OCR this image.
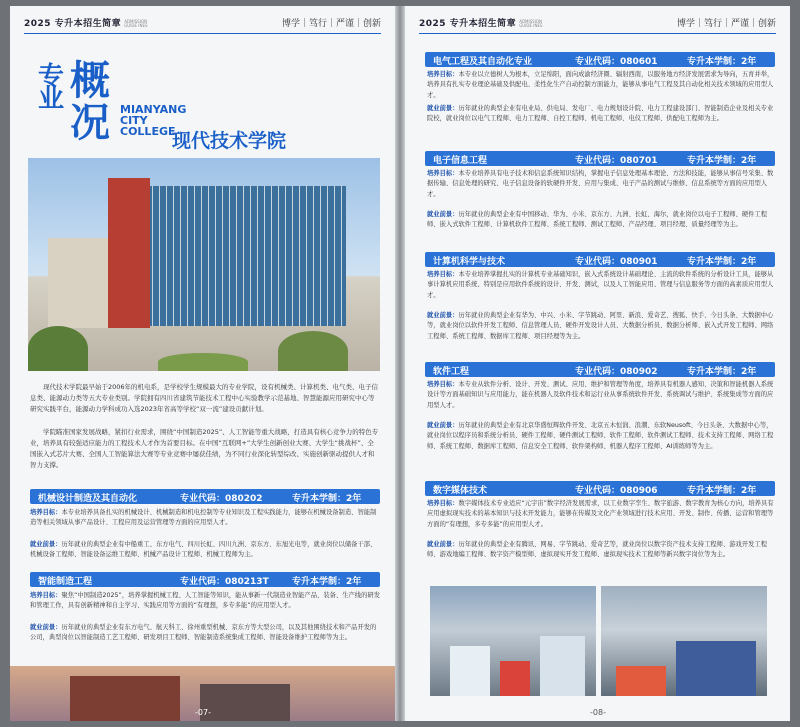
2025 专升本招生简章 ADMISSION GUIDE INES	博学｜笃行｜严谨｜创新
专业 概况 MIANYANG
CITY
COLLEGE
现代技术学院

现代技术学院最早始于2006年的机电系，是学校学生规模最大的专业学院，设有机械类、计算机类、电气类、电子信息类、能源动力类等五大专业类别。学院拥有四川省建筑节能技术工程中心实验教学示范基地、智慧能源应用研究中心等研究实践平台，能源动力学科成功入选2023年省高等学校“双一流”建设贡献计划。

学院瞄准国家发展战略，紧扣行业需求，围绕“中国制造2025”、人工智能等重大战略，打造具有核心竞争力的特色专业，培养具有较强适应能力的工程技术人才作为首要目标。在中国“互联网+”大学生创新创业大赛、大学生“挑战杯”、全国嵌入式芯片大赛、全国人工智能算法大赛等专业竞赛中屡获佳绩，为不同行业深化转型综改、实施创新驱动提供人才和智力支撑。

机械设计制造及其自动化	专业代码：080202	专升本学制：2年

培养目标：本专业培养具备扎实的机械设计、机械制造和机电控制等专业知识及工程实践能力，能够在机械设备制造、智能制造等相关领域从事产品设计、工程应用及运营管理等方面的应用型人才。

就业前景：历年就业的典型企业有中船重工、东方电气、四川长虹、四川九洲、京东方、东旭光电等，就业岗位以储备干部、机械设备工程师、智能设备运维工程师、机械产品设计工程师、机械工程师为主。

智能制造工程	专业代码：080213T	专升本学制：2年

培养目标：聚焦“中国制造2025”，培养掌握机械工程、人工智能等知识，能从事新一代制造业智能产品、装备、生产线的研发和管理工作，具有创新精神和自主学习、实践应用等方面的“有理想，多专多能”的应用型人才。

就业前景：历年就业的典型企业有东方电气、航天科工、徐州重型机械、京东方等大型公司，以及其他围绕技术和产品开发的公司，典型岗位以智能制造工艺工程师、研发项目工程师、智能制造系统集成工程师、智能设备维护工程师等为主。

-07-
2025 专升本招生简章 ADMISSION GUIDE INES	博学｜笃行｜严谨｜创新
电气工程及其自动化专业	专业代码：080601	专升本学制：2年

培养目标：本专业以立德树人为根本，立足绵阳，面向成渝经济圈、辐射西南，以服务地方经济发展需求为导向，五育并举，培养具有扎实专业理论基础及供配电、柔性化生产自动控制方面能力，能够从事电气工程及其自动化相关技术领域的应用型人才。

就业前景：历年就业的典型企业有电业局、供电局、发电厂、电力规划设计院、电力工程建设部门、智能制造企业及相关专业院校，就业岗位以电气工程师、电力工程师、自控工程师、机电工程师、电仪工程师、供配电工程师为主。

电子信息工程	专业代码：080701	专升本学制：2年

培养目标：本专业培养具有电子技术和信息系统知识结构，掌握电子信息处理基本理论、方法和技能，能够从事信号采集、数据传输、信息处理的研究、电子信息设备的软硬件开发、应用与集成、电子产品的测试与维修、信息系统等方面的应用型人才。

就业前景：历年就业的典型企业有中国移动、华为、小米、京东方、九洲、长虹、海尔，就业岗位以电子工程师、硬件工程师、嵌入式软件工程师、计算机软件工程师、系统工程师、测试工程师、产品经理、项目经理、质量经理等为主。

计算机科学与技术	专业代码：080901	专升本学制：2年

培养目标：本专业培养掌握扎实的计算机专业基础知识，嵌入式系统设计基础理论、主流的软件系统的分析设计工具，能够从事计算机应用系统、特别是应用软件系统的设计、开发、测试，以及人工智能应用、管理与信息服务等方面的高素质应用型人才。

就业前景：历年就业的典型企业有华为、中兴、小米、字节跳动、阿里、新浪、爱奇艺、搜狐、快手、今日头条、大数据中心等，就业岗位以软件开发工程师、信息管理人员、硬件开发设计人员、大数据分析员、数据分析师、嵌入式开发工程师、网络工程师、系统工程师、数据库工程师、项目经理等为主。

软件工程	专业代码：080902	专升本学制：2年

培养目标：本专业从软件分析、设计、开发、测试、应用、维护和管理等角度，培养具有机器人感知、决策和智能机器人系统设计等方面基础知识与应用能力，能在机器人及软件技术和运行业从事系统软件开发、系统调试与维护、系统集成等方面的应用型人才。

就业前景：历年就业的典型企业有北京华盛恒辉软件开发、北京五木恒润、浪潮、东软Neusoft、今日头条、大数据中心等，就业岗位以程序员和系统分析员、硬件工程师、硬件测试工程师、软件工程师、软件测试工程师、技术支持工程师、网络工程师、系统工程师、数据库工程师、信息安全工程师、软件架构师、机器人程序工程师、AI训练师等为主。

数字媒体技术	专业代码：080906	专升本学制：2年

培养目标：数字媒体技术专业适应“元宇宙”数字经济发展需求，以工业数字孪生、数字旅游、数字教育为核心方向，培养具有应用虚拟现实技术的基本知识与技术开发能力，能够在传媒及文化产业领域进行技术应用、开发、制作、传播、运营和管理等方面的“有理想，多专多能”的应用型人才。

就业前景：历年就业的典型企业有腾讯、网易、字节跳动、爱奇艺等，就业岗位以数字资产技术支持工程师、游戏开发工程师、游戏地编工程师、数字资产模型师、虚拟现实开发工程师、虚拟现实技术工程师等新兴数字岗位等为主。

-08-
